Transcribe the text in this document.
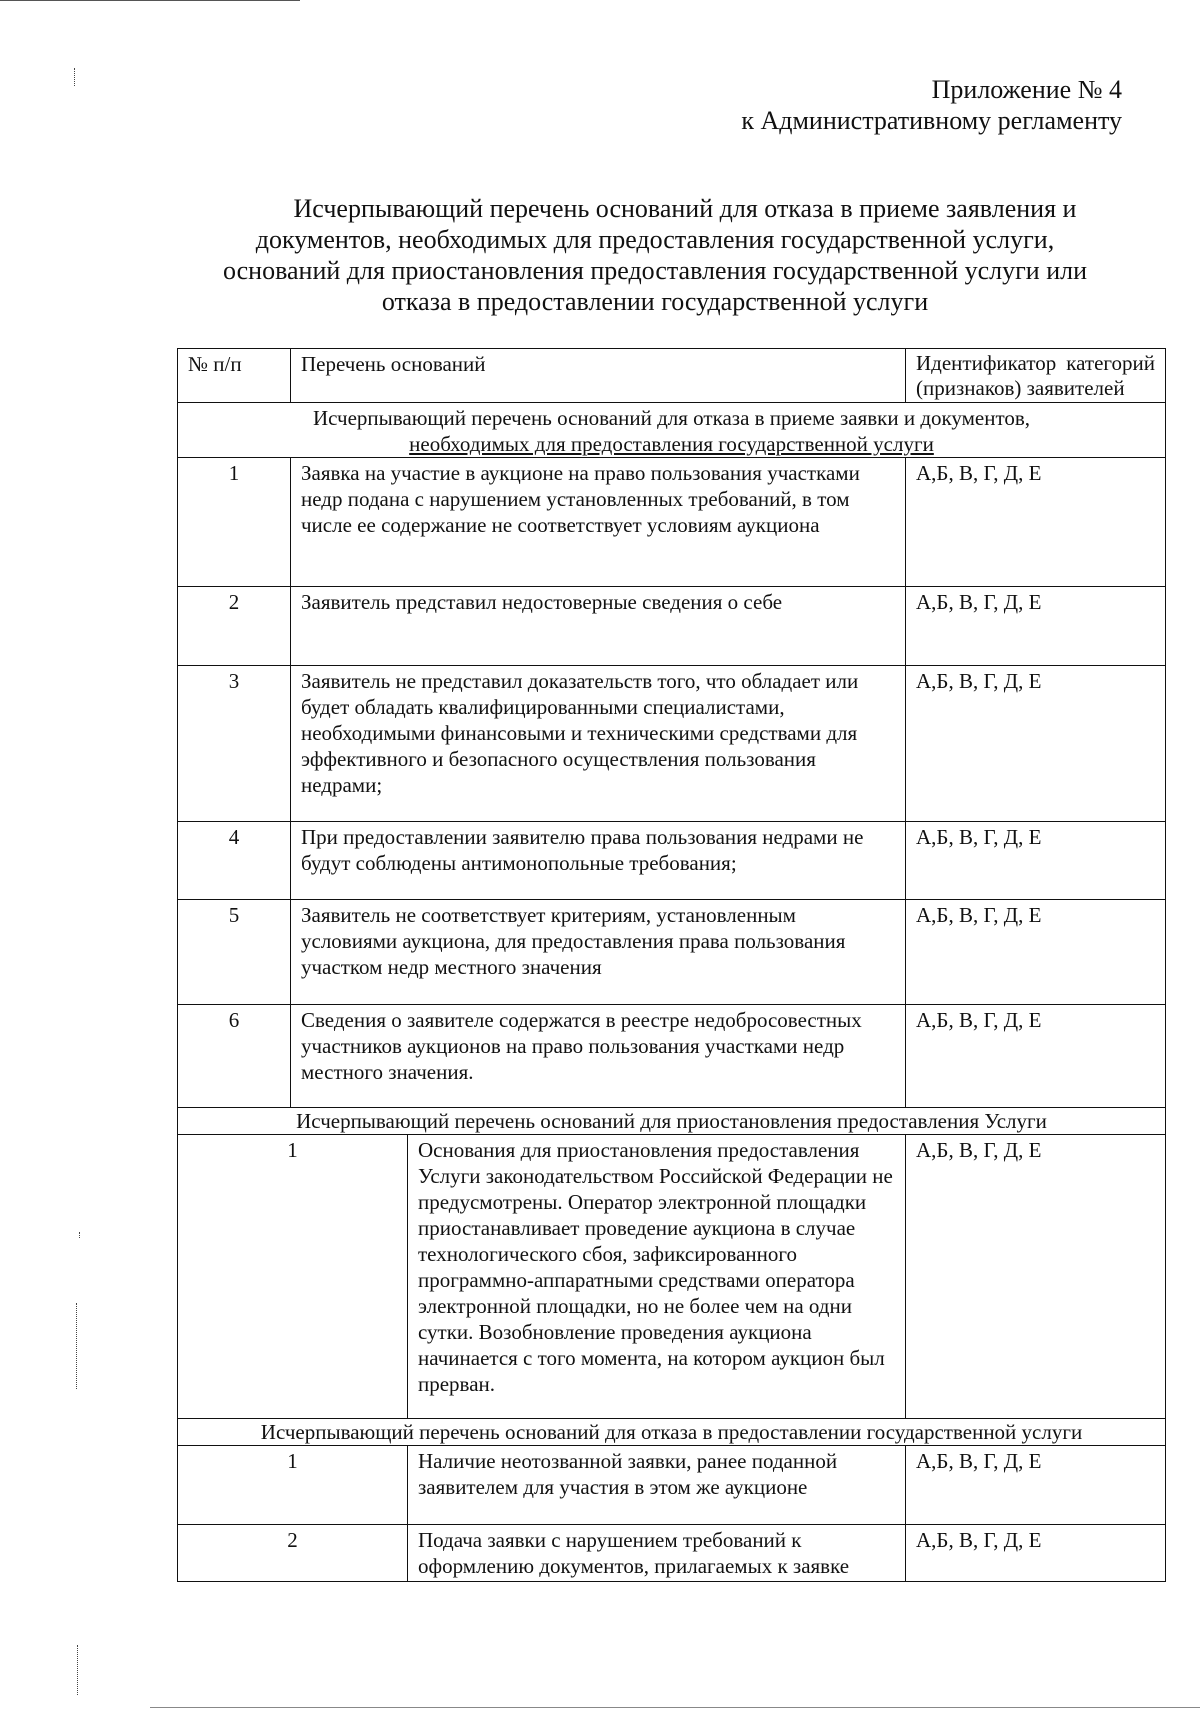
Приложение № 4
к Административному регламенту
Исчерпывающий перечень оснований для отказа в приеме заявления и
документов, необходимых для предоставления государственной услуги,
оснований для приостановления предоставления государственной услуги или
отказа в предоставлении государственной услуги
№ п/п	Перечень оснований		Идентификатор категорий
(признаков) заявителей

Исчерпывающий перечень оснований для отказа в приеме заявки и документов,
необходимых для предоставления государственной услуги			

1	Заявка на участие в аукционе на право пользования участками недр подана с нарушением установленных требований, в том числе ее содержание не соответствует условиям аукциона		А,Б, В, Г, Д, Е
2	Заявитель представил недостоверные сведения о себе		А,Б, В, Г, Д, Е
3	Заявитель не представил доказательств того, что обладает или будет обладать квалифицированными специалистами, необходимыми финансовыми и техническими средствами для эффективного и безопасного осуществления пользования недрами;		А,Б, В, Г, Д, Е
4	При предоставлении заявителю права пользования недрами не будут соблюдены антимонопольные требования;		А,Б, В, Г, Д, Е
5	Заявитель не соответствует критериям, установленным условиями аукциона, для предоставления права пользования участком недр местного значения		А,Б, В, Г, Д, Е
6	Сведения о заявителе содержатся в реестре недобросовестных участников аукционов на право пользования участками недр местного значения.		А,Б, В, Г, Д, Е
Исчерпывающий перечень оснований для приостановления предоставления Услуги			
1		Основания для приостановления предоставления Услуги законодательством Российской Федерации не предусмотрены. Оператор электронной площадки приостанавливает проведение аукциона в случае технологического сбоя, зафиксированного программно-аппаратными средствами оператора электронной площадки, но не более чем на одни сутки. Возобновление проведения аукциона начинается с того момента, на котором аукцион был прерван.	А,Б, В, Г, Д, Е
Исчерпывающий перечень оснований для отказа в предоставлении государственной услуги			
1		Наличие неотозванной заявки, ранее поданной заявителем для участия в этом же аукционе	А,Б, В, Г, Д, Е
2		Подача заявки с нарушением требований к оформлению документов, прилагаемых к заявке	А,Б, В, Г, Д, Е
